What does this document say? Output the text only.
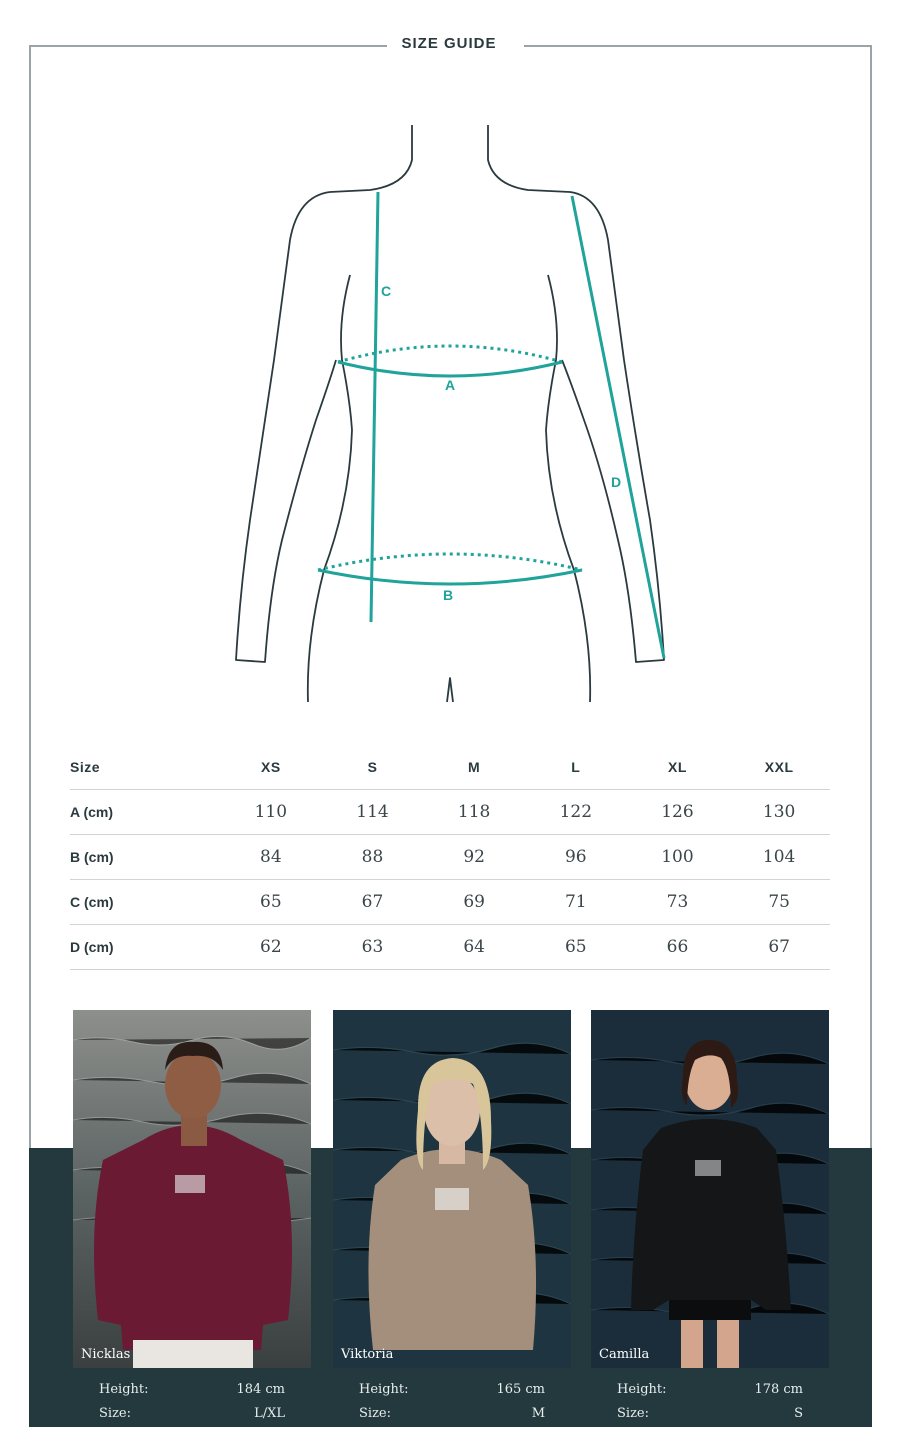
SIZE GUIDE
A
B
C
D
Size	XS	S	M	L	XL	XXL
A (cm)	110	114	118	122	126	130
B (cm)	84	88	92	96	100	104
C (cm)	65	67	69	71	73	75
D (cm)	62	63	64	65	66	67
Nicklas
Height:	184 cm
Size:	L/XL
Viktoria
Height:	165 cm
Size:	M
Camilla
Height:	178 cm
Size:	S
